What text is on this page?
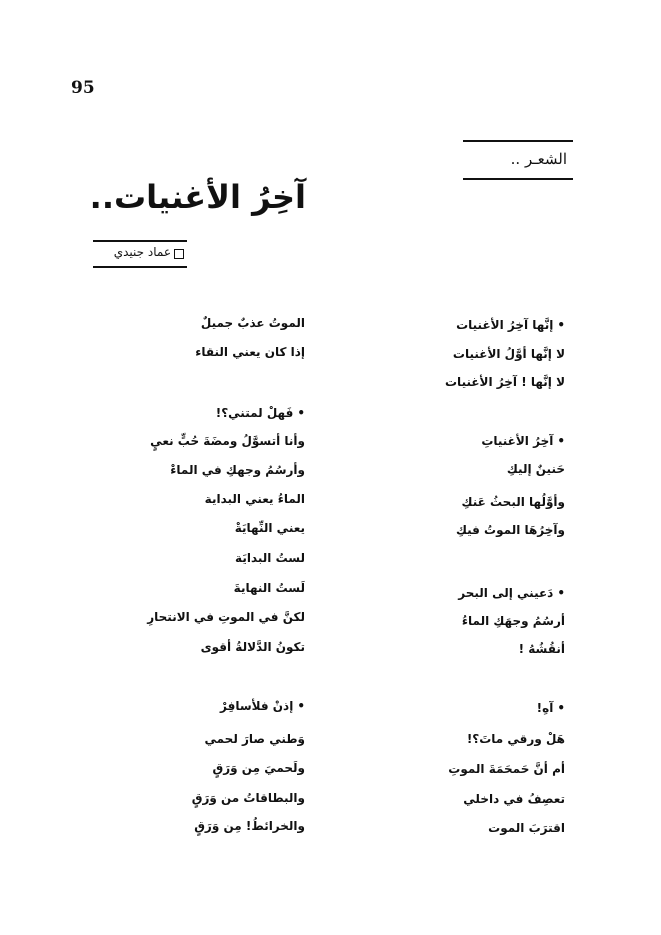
95
الشعـر ..
آخِرُ الأغنيات..
عماد جنيدي
• إنَّها آخِرُ الأغنيات
لا إنَّها أوَّلُ الأغنيات
لا إنَّها ! آخِرُ الأغنيات
• آخِرُ الأغنياتِ
حَنينٌ إليكِ
وأوَّلُها البحثُ عَنكِ
وآخِرُهَا الموتُ فيكِ
• دَعيني إلى البحر
أرسُمُ وجهَكِ الماءُ
أنقُشُهُ !
• آهِ!
هَلْ ورقي ماتَ؟!
أم أنَّ حَمحَمَةَ الموتِ
تعصِفُ في داخلي
اقترَبَ الموت
الموتُ عذبٌ جميلٌ
إذا كان يعني النقاء
• فَهلْ لمتني؟!
وأنا أتسوَّلُ ومضَةَ حُبٍّ نعيٍ
وأرسُمُ وجهكِ في الماءْ
الماءُ يعني البداية
يعني النِّهايَةْ
لستُ البدايَة
لَستُ النهايةَ
لكنَّ في الموتِ في الانتحارِ
تكونُ الدَّلالةُ أقوى
• إذنْ فلأسافِرْ
وَطني صارَ لحمي
ولَحميَ مِن وَرَقٍ
والبطاقاتُ من وَرَقٍ
والخرائطُ! مِن وَرَقٍ
